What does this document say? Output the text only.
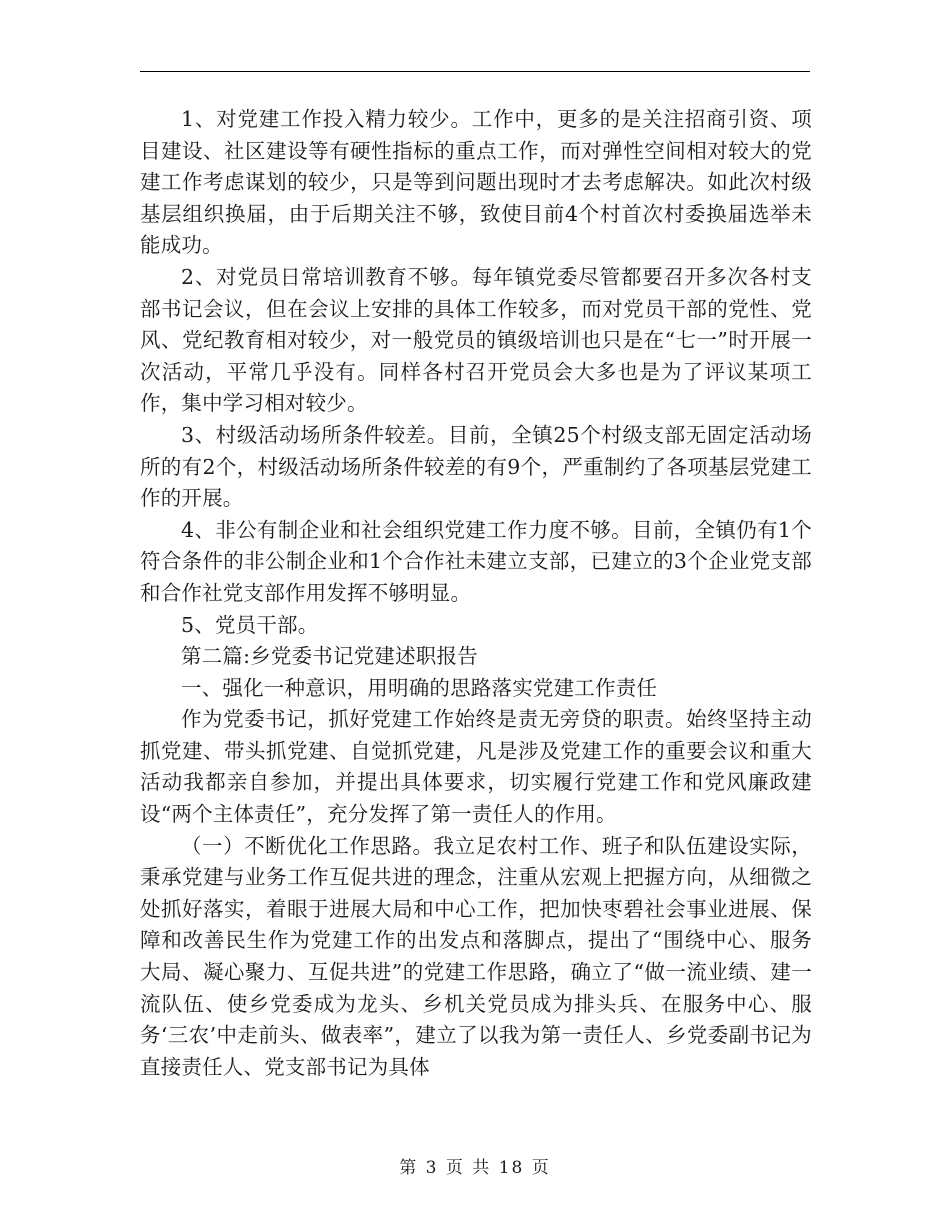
1、对党建工作投入精力较少。工作中，更多的是关注招商引资、项目建设、社区建设等有硬性指标的重点工作，而对弹性空间相对较大的党建工作考虑谋划的较少，只是等到问题出现时才去考虑解决。如此次村级基层组织换届，由于后期关注不够，致使目前4个村首次村委换届选举未能成功。

2、对党员日常培训教育不够。每年镇党委尽管都要召开多次各村支部书记会议，但在会议上安排的具体工作较多，而对党员干部的党性、党风、党纪教育相对较少，对一般党员的镇级培训也只是在“七一”时开展一次活动，平常几乎没有。同样各村召开党员会大多也是为了评议某项工作，集中学习相对较少。

3、村级活动场所条件较差。目前，全镇25个村级支部无固定活动场所的有2个，村级活动场所条件较差的有9个，严重制约了各项基层党建工作的开展。

4、非公有制企业和社会组织党建工作力度不够。目前，全镇仍有1个符合条件的非公制企业和1个合作社未建立支部，已建立的3个企业党支部和合作社党支部作用发挥不够明显。

5、党员干部。

第二篇:乡党委书记党建述职报告

一、强化一种意识，用明确的思路落实党建工作责任

作为党委书记，抓好党建工作始终是责无旁贷的职责。始终坚持主动抓党建、带头抓党建、自觉抓党建，凡是涉及党建工作的重要会议和重大活动我都亲自参加，并提出具体要求，切实履行党建工作和党风廉政建设“两个主体责任”，充分发挥了第一责任人的作用。

（一）不断优化工作思路。我立足农村工作、班子和队伍建设实际，秉承党建与业务工作互促共进的理念，注重从宏观上把握方向，从细微之处抓好落实，着眼于进展大局和中心工作，把加快枣碧社会事业进展、保障和改善民生作为党建工作的出发点和落脚点，提出了“围绕中心、服务大局、凝心聚力、互促共进”的党建工作思路，确立了“做一流业绩、建一流队伍、使乡党委成为龙头、乡机关党员成为排头兵、在服务中心、服务‘三农’中走前头、做表率”，建立了以我为第一责任人、乡党委副书记为直接责任人、党支部书记为具体

第 3 页 共 18 页
